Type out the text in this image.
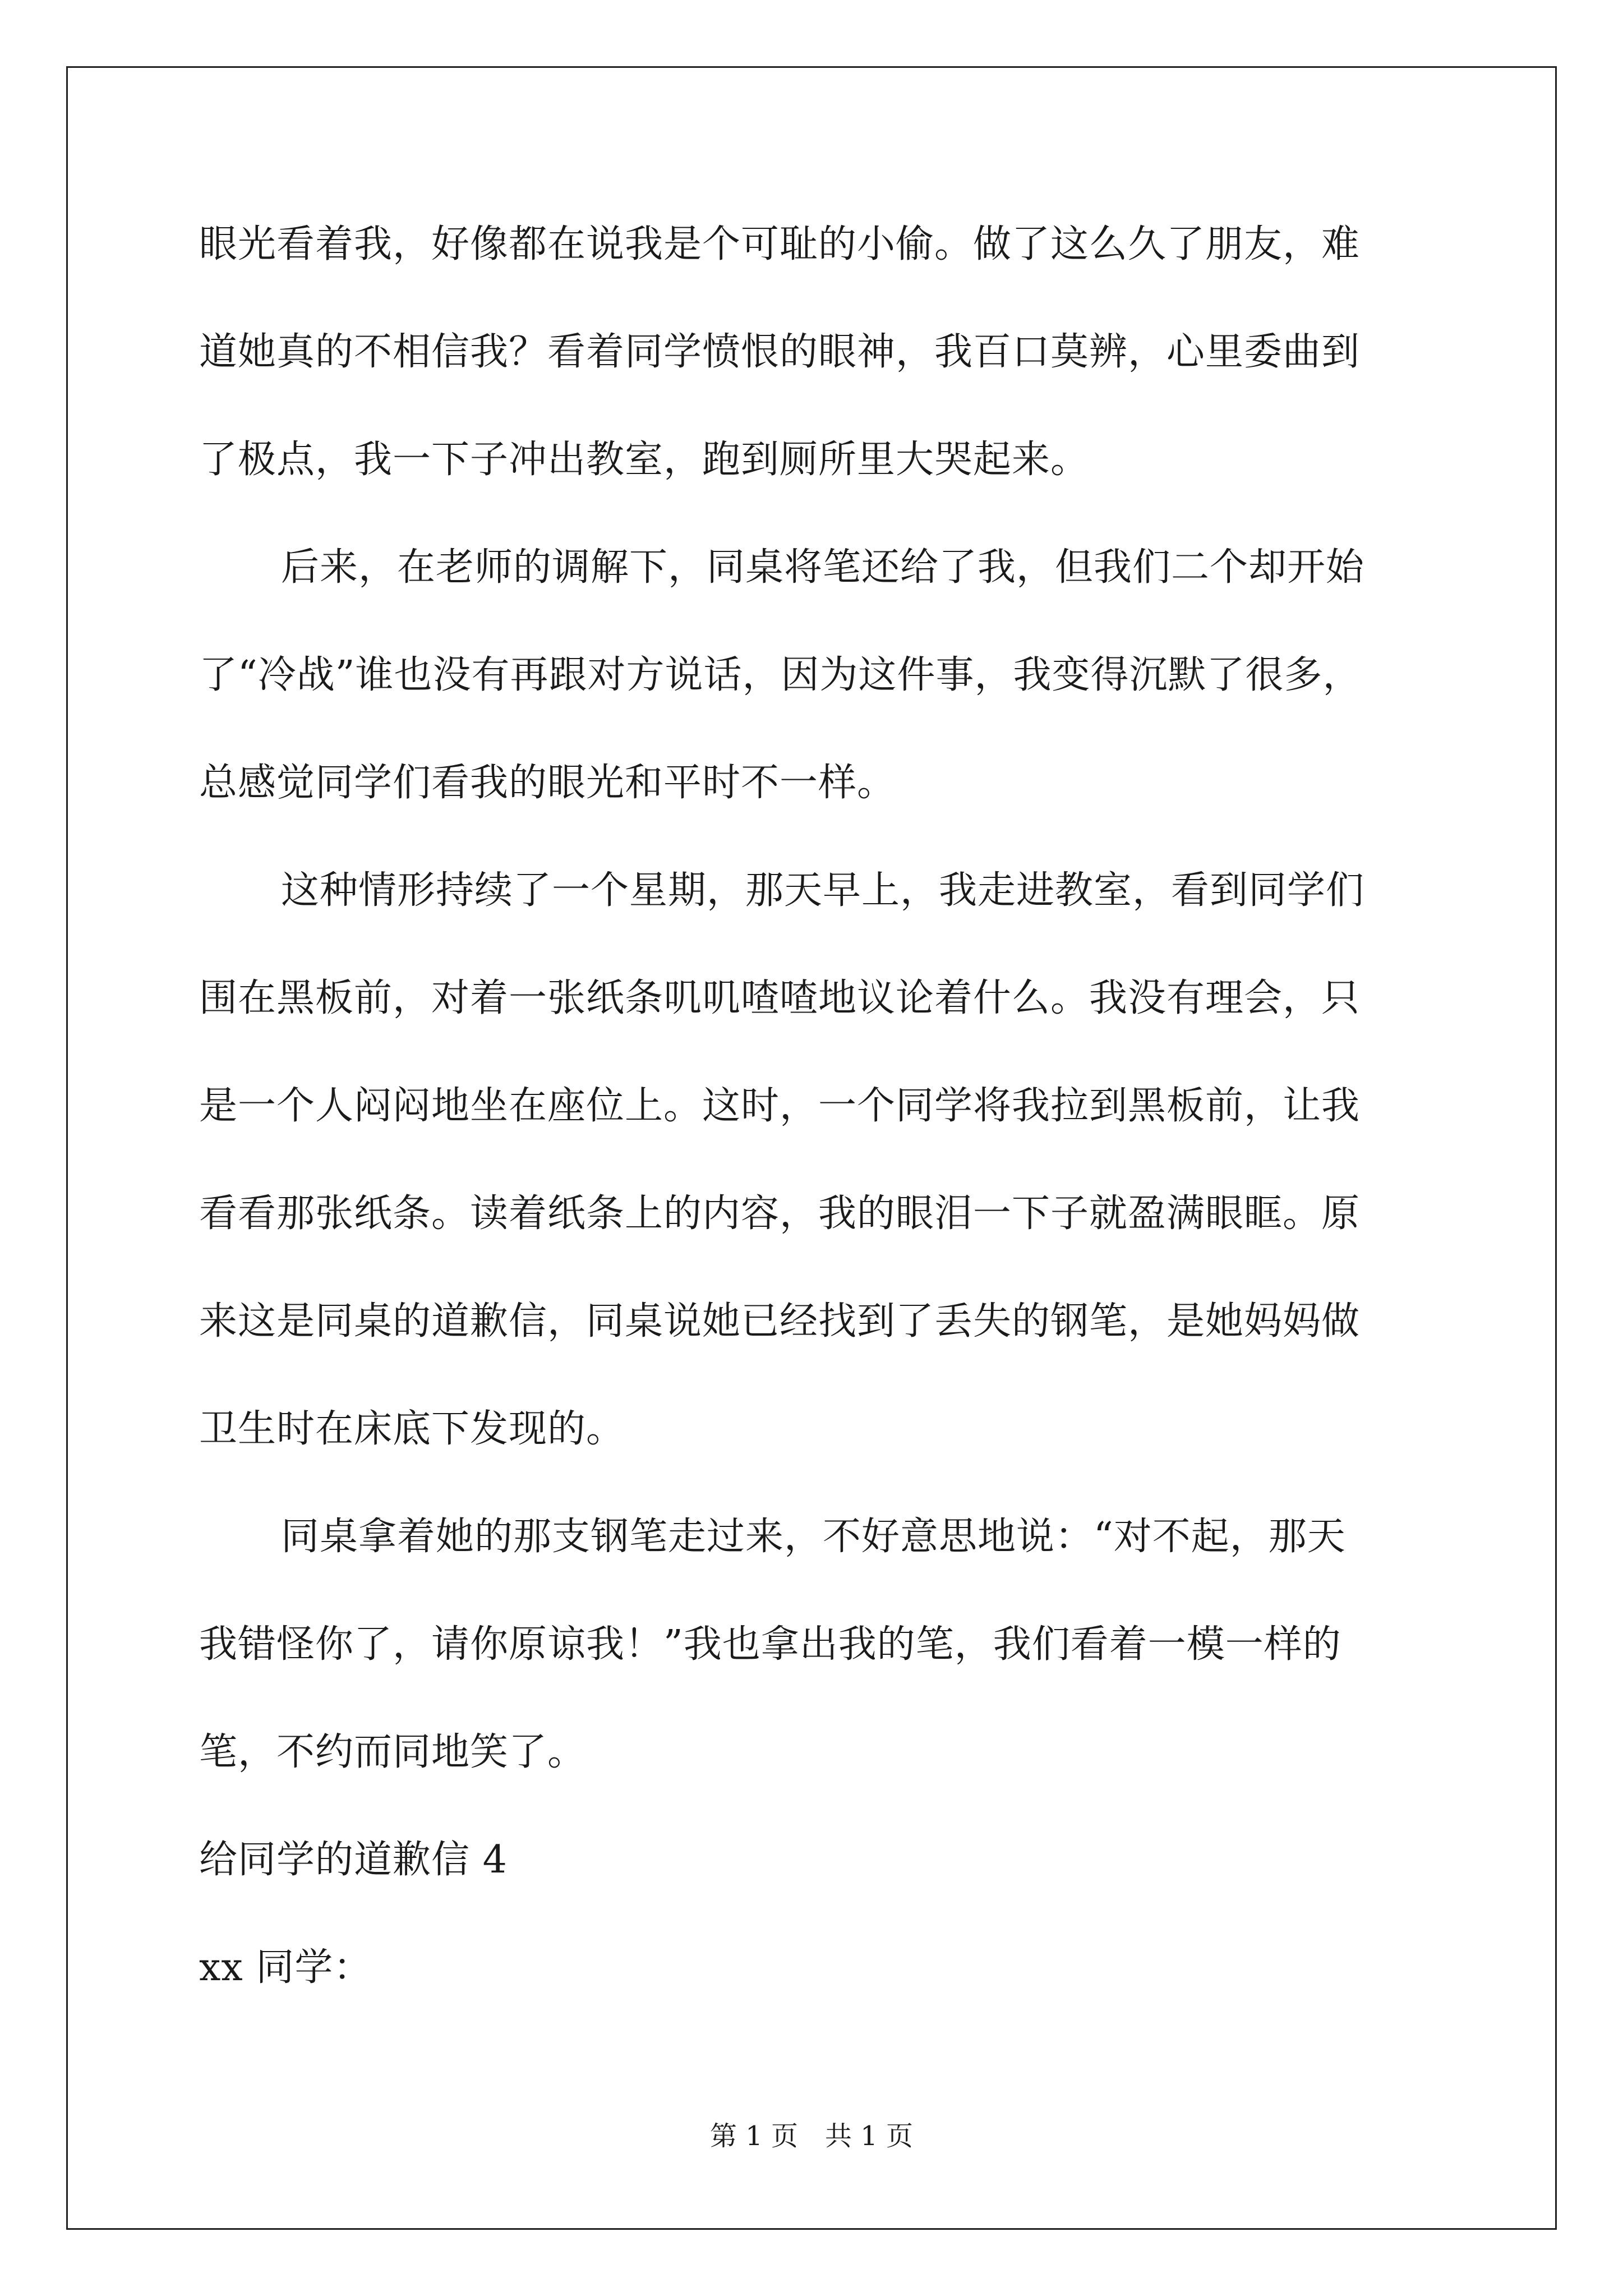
眼光看着我，好像都在说我是个可耻的小偷。做了这么久了朋友，难
道她真的不相信我？看着同学愤恨的眼神，我百口莫辨，心里委曲到
了极点，我一下子冲出教室，跑到厕所里大哭起来。
后来，在老师的调解下，同桌将笔还给了我，但我们二个却开始
了“冷战”谁也没有再跟对方说话，因为这件事，我变得沉默了很多，
总感觉同学们看我的眼光和平时不一样。
这种情形持续了一个星期，那天早上，我走进教室，看到同学们
围在黑板前，对着一张纸条叽叽喳喳地议论着什么。我没有理会，只
是一个人闷闷地坐在座位上。这时，一个同学将我拉到黑板前，让我
看看那张纸条。读着纸条上的内容，我的眼泪一下子就盈满眼眶。原
来这是同桌的道歉信，同桌说她已经找到了丢失的钢笔，是她妈妈做
卫生时在床底下发现的。
同桌拿着她的那支钢笔走过来，不好意思地说：“对不起，那天
我错怪你了，请你原谅我！”我也拿出我的笔，我们看着一模一样的
笔，不约而同地笑了。
给同学的道歉信 4
xx 同学：
第 1 页 共 1 页
